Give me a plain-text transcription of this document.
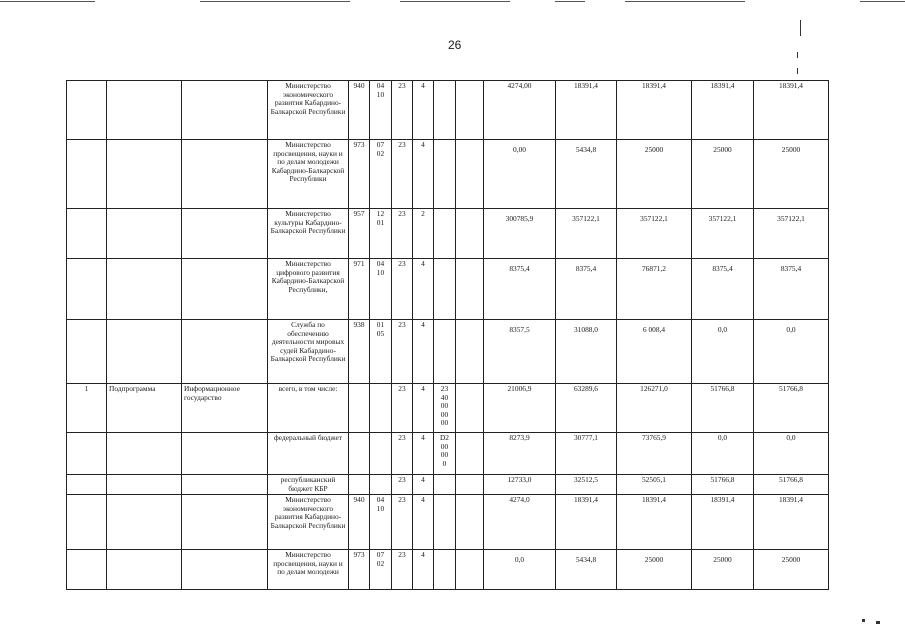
26
			Министерство экономического развития Кабардино-Балкарской Республики	940	04 10	23	4			4274,00	18391,4	18391,4	18391,4	18391,4
			Министерство просвещения, науки и по делам молодежи Кабардино-Балкарской Республики	973	07 02	23	4			0,00	5434,8	25000	25000	25000
			Министерство культуры Кабардино-Балкарской Республики	957	12 01	23	2			300785,9	357122,1	357122,1	357122,1	357122,1
			Министерство цифрового развития Кабардино-Балкарской Республики,	971	04 10	23	4			8375,4	8375,4	76871,2	8375,4	8375,4
			Служба по обеспечению деятельности мировых судей Кабардино-Балкарской Республики	938	01 05	23	4			8357,5	31088,0	6 008,4	0,0	0,0
1	Подпрограмма	Информационное государство	всего, в том числе:			23	4	23 40 00 00 00		21006,9	63289,6	126271,0	51766,8	51766,8
			федеральный бюджет			23	4	D2 00 00 0		8273,9	30777,1	73765,9	0,0	0,0
			республиканский бюджет КБР			23	4			12733,0	32512,5	52505,1	51766,8	51766,8
			Министерство экономического развития Кабардино-Балкарской Республики	940	04 10	23	4			4274,0	18391,4	18391,4	18391,4	18391,4
			Министерство просвещения, науки и по делам молодежи	973	07 02	23	4			0,0	5434,8	25000	25000	25000
